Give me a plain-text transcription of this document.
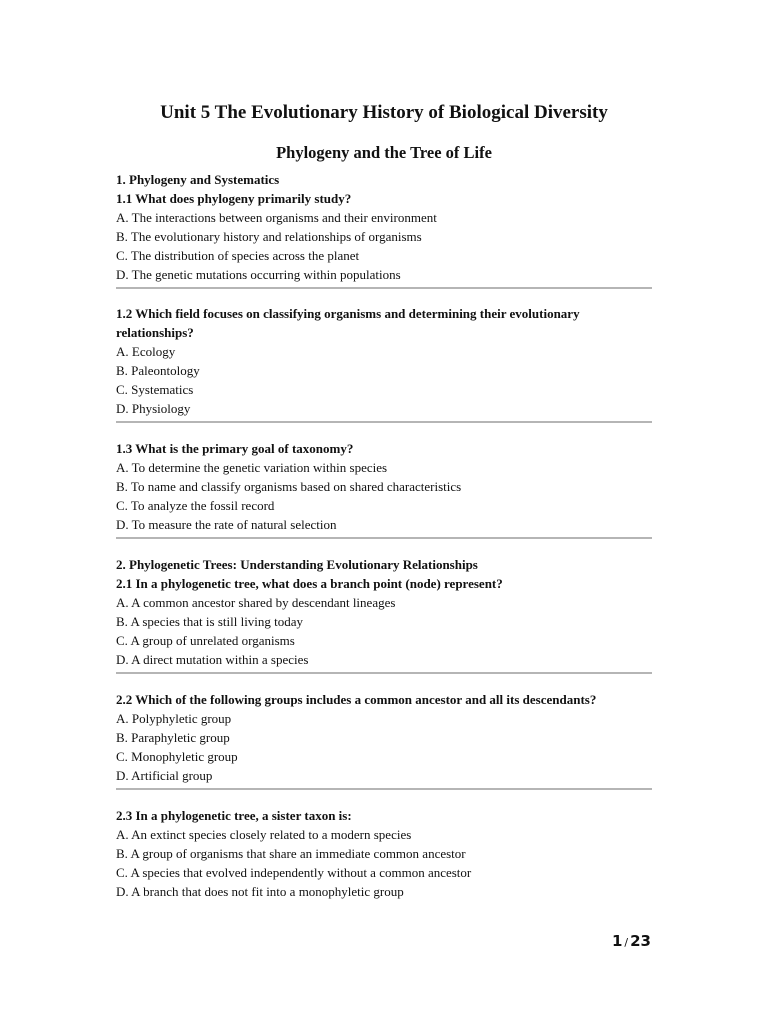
Unit 5 The Evolutionary History of Biological Diversity
Phylogeny and the Tree of Life
1. Phylogeny and Systematics
1.1 What does phylogeny primarily study?
A. The interactions between organisms and their environment
B. The evolutionary history and relationships of organisms
C. The distribution of species across the planet
D. The genetic mutations occurring within populations
1.2 Which field focuses on classifying organisms and determining their evolutionary relationships?
A. Ecology
B. Paleontology
C. Systematics
D. Physiology
1.3 What is the primary goal of taxonomy?
A. To determine the genetic variation within species
B. To name and classify organisms based on shared characteristics
C. To analyze the fossil record
D. To measure the rate of natural selection
2. Phylogenetic Trees: Understanding Evolutionary Relationships
2.1 In a phylogenetic tree, what does a branch point (node) represent?
A. A common ancestor shared by descendant lineages
B. A species that is still living today
C. A group of unrelated organisms
D. A direct mutation within a species
2.2 Which of the following groups includes a common ancestor and all its descendants?
A. Polyphyletic group
B. Paraphyletic group
C. Monophyletic group
D. Artificial group
2.3 In a phylogenetic tree, a sister taxon is:
A. An extinct species closely related to a modern species
B. A group of organisms that share an immediate common ancestor
C. A species that evolved independently without a common ancestor
D. A branch that does not fit into a monophyletic group
1 / 23
